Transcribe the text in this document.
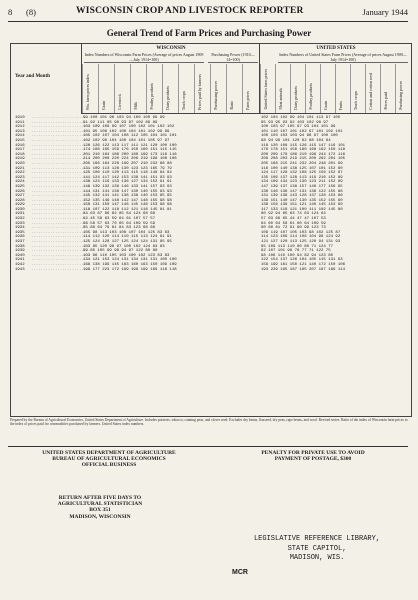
8 (8)	WISCONSIN CROP AND LIVESTOCK REPORTER	January 1944
General Trend of Farm Prices and Purchasing Power
Year and Month
WISCONSIN
Index Numbers of Wisconsin Farm Prices (Average of prices August 1909—July 1914=100)
Purchasing Power (1910—14=100)
Wis. farm prices index	Grain	Livestock	Milk	Poultry products	Dairy products	Truck crops	Prices paid by farmers	Purchasing power	Ratio	Farm prices
UNITED STATES
Index Numbers of United States Farm Prices (Average of prices August 1909—July 1914=100)
United States farm prices	Meat animals	Dairy products	Poultry products	Grain	Fruits	Truck crops	Cotton and cotton seed	Prices paid	Purchasing power
1910 .........................
99 100 101 96 103 94 100 100 99 99	102 104 102 99 104 101 113 97 105
1911 .........................
91 92 111 85 98 93 87 102 89 89	95 93 95 93 92 103 102 98 97
1912 .........................
103 109 109 99 107 100 102 101 102 102	100 103 97 105 97 93 104 101 99
1913 .........................
101 95 106 102 100 104 101 102 99 99	101 110 107 101 102 97 101 102 101
1914 .........................
105 102 107 104 108 112 105 104 101 101	100 103 103 103 94 96 97 100 100
1915 .........................
102 102 98 104 100 104 101 105 97 97	98 94 99 101 120 82 88 104 94
1916 .........................
120 126 122 113 117 111 121 120 100 100	118 120 108 115 126 115 147 116 101
1917 .........................
174 188 165 159 176 150 160 151 115 115	176 178 151 156 180 168 192 150 118
1918 .........................
201 210 184 188 200 180 199 173 116 116	200 209 178 186 210 196 244 172 116
1919 .........................
214 200 208 220 224 206 219 198 108 108	209 208 203 219 215 200 292 204 105
1920 .........................
205 196 164 226 199 207 210 232 88 88	205 168 215 241 232 204 248 201 99
1921 .........................
131 109 113 128 130 123 123 165 79 79	116 100 140 138 125 107 101 152 80
1922 .........................
125 106 110 120 113 115 118 148 84 84	124 117 128 132 108 125 156 152 87
1923 .........................
141 124 117 142 153 138 141 151 93 93	135 106 137 128 113 119 216 152 89
1924 .........................
138 124 119 133 136 127 134 152 91 91	134 109 134 123 130 123 211 152 89
1925 .........................
146 139 132 139 146 133 141 157 93 93	147 139 137 138 157 146 177 156 95
1926 .........................
144 131 141 136 147 130 140 155 93 93	136 146 136 147 131 136 122 155 88
1927 .........................
145 132 141 141 138 138 140 153 95 95	131 139 138 143 128 137 128 153 86
1928 .........................
152 135 149 148 142 147 148 155 98 98	139 151 140 147 130 135 152 155 90
1929 .........................
150 131 150 147 148 145 146 153 98 98	138 156 139 151 121 140 145 153 90
1930 .........................
118 107 122 118 112 121 118 145 81 81	117 133 118 121 100 111 102 145 80
1931 .........................
84 63 87 86 82 85 84 124 68 68	80 92 94 85 63 74 63 124 64
1932 .........................
62 45 59 63 59 64 61 107 57 57	57 63 69 65 44 47 47 107 53
1933 .........................
66 58 57 63 70 65 64 109 59 59	64 60 64 58 61 60 64 109 59
1934 .........................
85 88 64 79 81 84 83 123 68 68	90 68 81 72 91 90 99 123 73
1935 .........................
105 98 113 103 108 107 104 125 83 83	109 119 107 105 103 98 102 125 87
1936 .........................
114 112 120 114 110 115 113 124 91 91	114 123 109 114 108 104 96 124 92
1937 .........................
125 124 128 127 125 124 124 131 95 95	121 127 120 113 125 120 94 131 93
1938 .........................
103 85 120 98 97 100 102 124 83 83	95 109 113 110 80 80 71 124 77
1939 .........................
99 85 105 99 98 94 97 122 80 80	92 107 101 98 76 77 71 122 75
1940 .........................
103 96 110 105 103 100 102 123 83 83	98 106 110 100 94 82 94 123 80
1941 .........................
134 121 153 124 131 134 131 131 100 100	122 154 137 126 104 105 115 131 93
1942 .........................
168 138 199 145 163 160 163 150 109 109	159 199 161 150 121 140 172 150 106
1943 .........................
199 177 223 172 199 199 199 169 118 118	193 229 195 187 165 207 187 169 114
Prepared by the Bureau of Agricultural Economics, United States Department of Agriculture. Includes potatoes, tobacco, canning peas, and clover seed. Excludes dry beans, flaxseed, dry peas, rape beans, and wool. Revised series. Ratio of the index of Wisconsin farm prices to the index of prices paid for commodities purchased by farmers. United States index numbers.
UNITED STATES DEPARTMENT OF AGRICULTURE
BUREAU OF AGRICULTURAL ECONOMICS
OFFICIAL BUSINESS
PENALTY FOR PRIVATE USE TO AVOID
PAYMENT OF POSTAGE, $300
RETURN AFTER FIVE DAYS TO
AGRICULTURAL STATISTICIAN
BOX 351
MADISON, WISCONSIN
LEGISLATIVE REFERENCE LIBRARY,
STATE CAPITOL,
MADISON, WIS.
MCR
